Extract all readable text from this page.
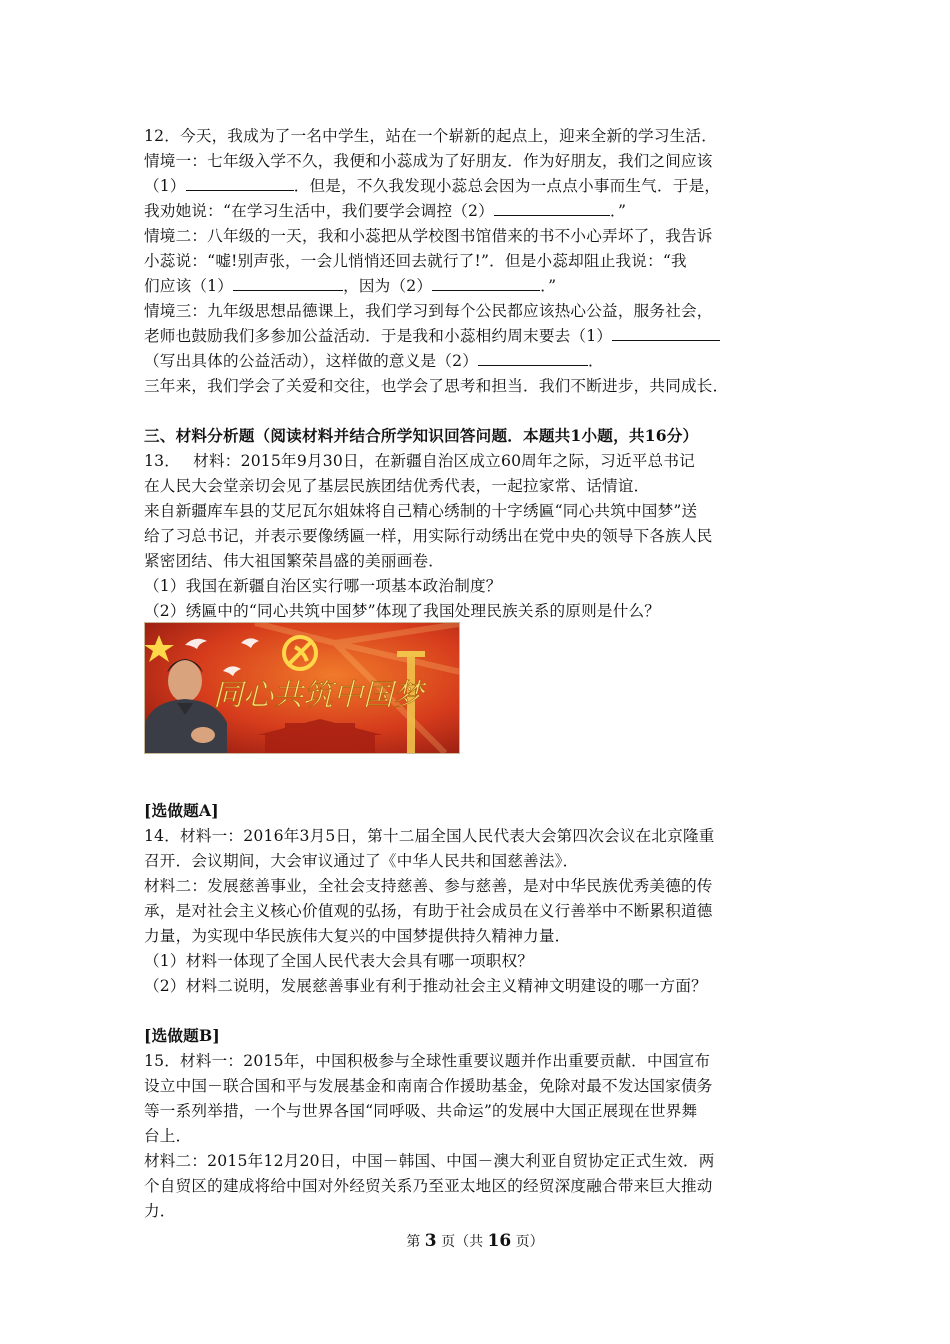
12．今天，我成为了一名中学生，站在一个崭新的起点上，迎来全新的学习生活．
情境一：七年级入学不久，我便和小蕊成为了好朋友．作为好朋友，我们之间应该
（1）	．但是，不久我发现小蕊总会因为一点点小事而生气．于是，
我劝她说：“在学习生活中，我们要学会调控（2）	．”
情境二：八年级的一天，我和小蕊把从学校图书馆借来的书不小心弄坏了，我告诉
小蕊说：“嘘!别声张，一会儿悄悄还回去就行了!”．但是小蕊却阻止我说：“我
们应该（1）	，因为（2）	．”
情境三：九年级思想品德课上，我们学习到每个公民都应该热心公益，服务社会，
老师也鼓励我们多参加公益活动．于是我和小蕊相约周末要去（1）
（写出具体的公益活动），这样做的意义是（2）	．
三年来，我们学会了关爱和交往，也学会了思考和担当．我们不断进步，共同成长．
三、材料分析题（阅读材料并结合所学知识回答问题．本题共1小题，共16分）
13．　 材料：2015年9月30日，在新疆自治区成立60周年之际，习近平总书记
在人民大会堂亲切会见了基层民族团结优秀代表，一起拉家常、话情谊．
来自新疆库车县的艾尼瓦尔姐妹将自己精心绣制的十字绣匾“同心共筑中国梦”送
给了习总书记，并表示要像绣匾一样，用实际行动绣出在党中央的领导下各族人民
紧密团结、伟大祖国繁荣昌盛的美丽画卷．
（1）我国在新疆自治区实行哪一项基本政治制度？
（2）绣匾中的“同心共筑中国梦”体现了我国处理民族关系的原则是什么？
同心共筑中国梦
[选做题A]
14．材料一：2016年3月5日，第十二届全国人民代表大会第四次会议在北京隆重
召开．会议期间，大会审议通过了《中华人民共和国慈善法》．
材料二：发展慈善事业，全社会支持慈善、参与慈善，是对中华民族优秀美德的传
承，是对社会主义核心价值观的弘扬，有助于社会成员在义行善举中不断累积道德
力量，为实现中华民族伟大复兴的中国梦提供持久精神力量．
（1）材料一体现了全国人民代表大会具有哪一项职权？
（2）材料二说明，发展慈善事业有利于推动社会主义精神文明建设的哪一方面？
[选做题B]
15．材料一：2015年，中国积极参与全球性重要议题并作出重要贡献．中国宣布
设立中国－联合国和平与发展基金和南南合作援助基金，免除对最不发达国家债务
等一系列举措，一个与世界各国“同呼吸、共命运”的发展中大国正展现在世界舞
台上．
材料二：2015年12月20日，中国－韩国、中国－澳大利亚自贸协定正式生效．两
个自贸区的建成将给中国对外经贸关系乃至亚太地区的经贸深度融合带来巨大推动
力．
第 3 页（共 16 页）
